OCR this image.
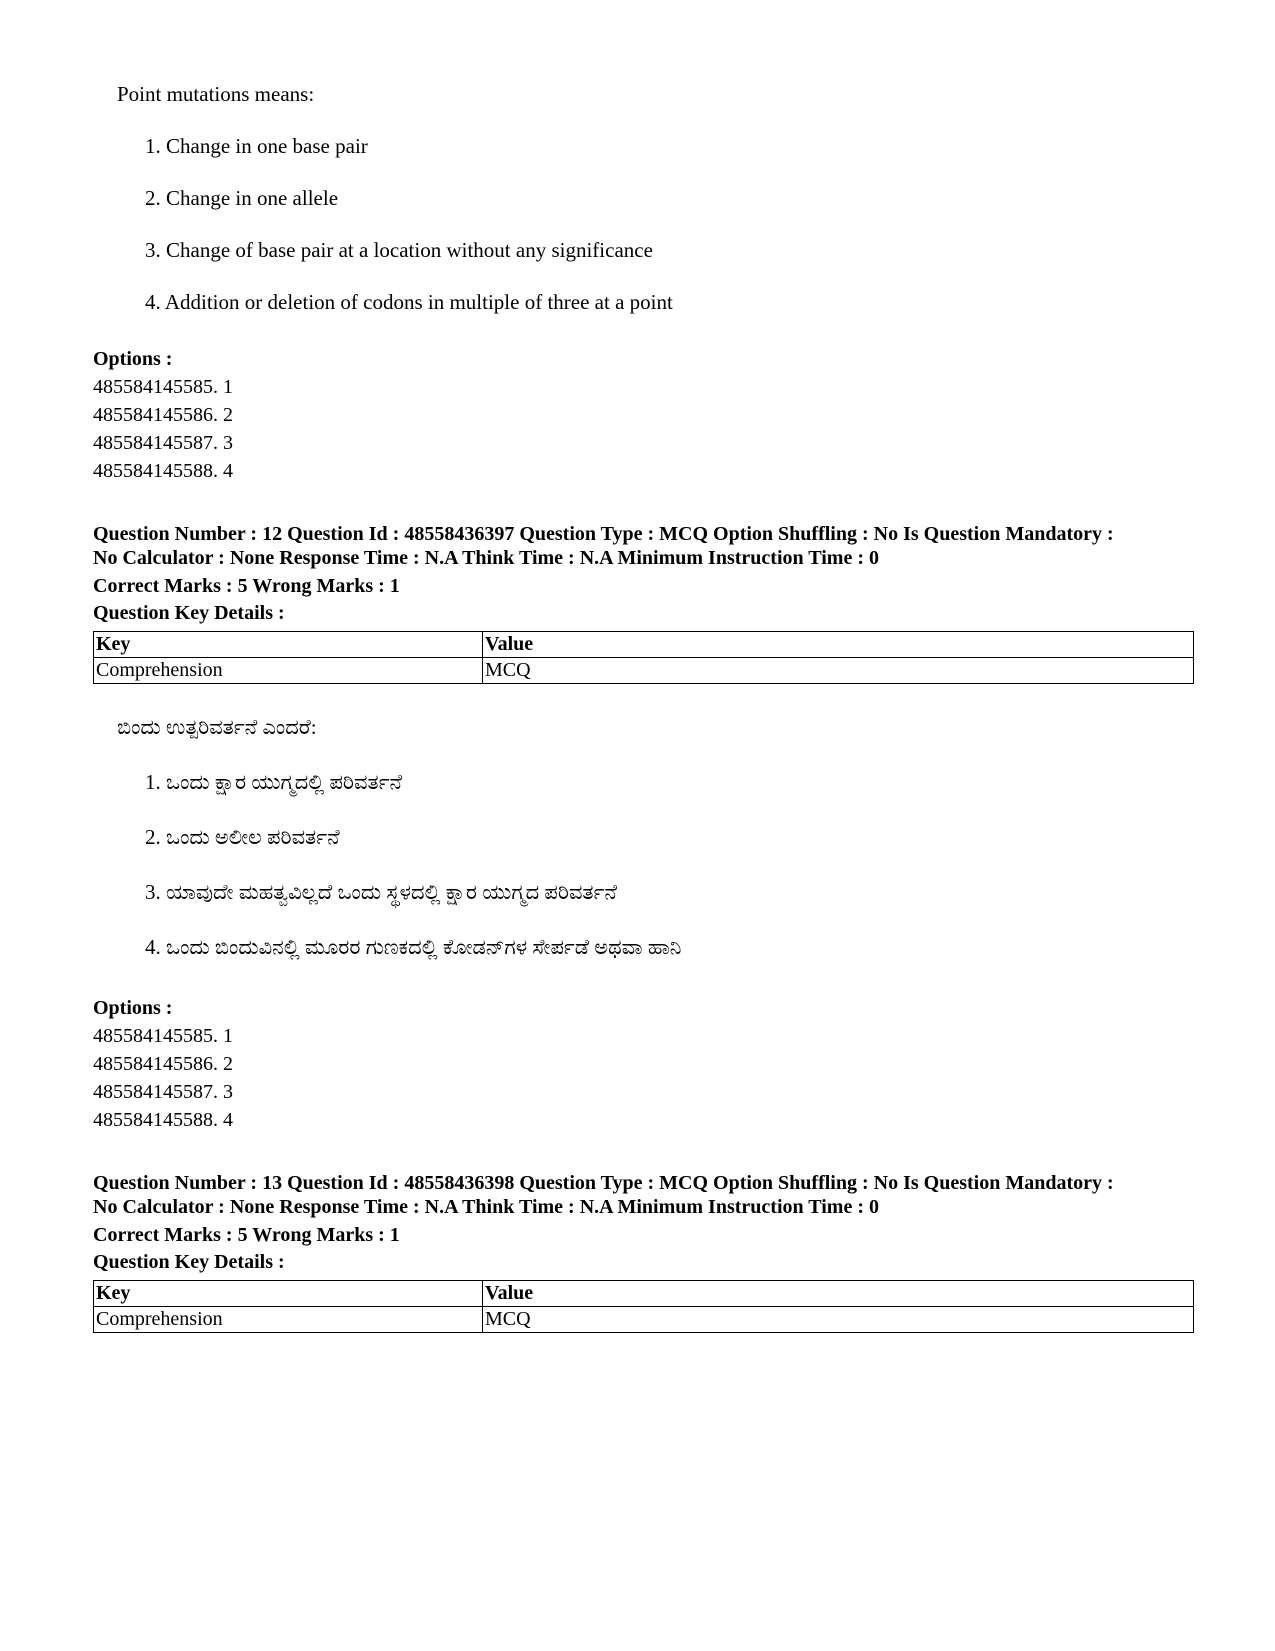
Point mutations means:
1. Change in one base pair
2. Change in one allele
3. Change of base pair at a location without any significance
4. Addition or deletion of codons in multiple of three at a point
Options :
485584145585. 1
485584145586. 2
485584145587. 3
485584145588. 4
Question Number : 12 Question Id : 48558436397 Question Type : MCQ Option Shuffling : No Is Question Mandatory :
No Calculator : None Response Time : N.A Think Time : N.A Minimum Instruction Time : 0
Correct Marks : 5 Wrong Marks : 1
Question Key Details :
Key	Value
Comprehension	MCQ
ಬಿಂದು ಉತ್ಪರಿವರ್ತನೆ ಎಂದರೆ:
1. ಒಂದು ಕ್ಷಾರ ಯುಗ್ಮದಲ್ಲಿ ಪರಿವರ್ತನೆ
2. ಒಂದು ಅಲೀಲ ಪರಿವರ್ತನೆ
3. ಯಾವುದೇ ಮಹತ್ವವಿಲ್ಲದೆ ಒಂದು ಸ್ಥಳದಲ್ಲಿ ಕ್ಷಾರ ಯುಗ್ಮದ ಪರಿವರ್ತನೆ
4. ಒಂದು ಬಿಂದುವಿನಲ್ಲಿ ಮೂರರ ಗುಣಕದಲ್ಲಿ ಕೋಡನ್‌ಗಳ ಸೇರ್ಪಡೆ ಅಥವಾ ಹಾನಿ
Options :
485584145585. 1
485584145586. 2
485584145587. 3
485584145588. 4
Question Number : 13 Question Id : 48558436398 Question Type : MCQ Option Shuffling : No Is Question Mandatory :
No Calculator : None Response Time : N.A Think Time : N.A Minimum Instruction Time : 0
Correct Marks : 5 Wrong Marks : 1
Question Key Details :
Key	Value
Comprehension	MCQ
